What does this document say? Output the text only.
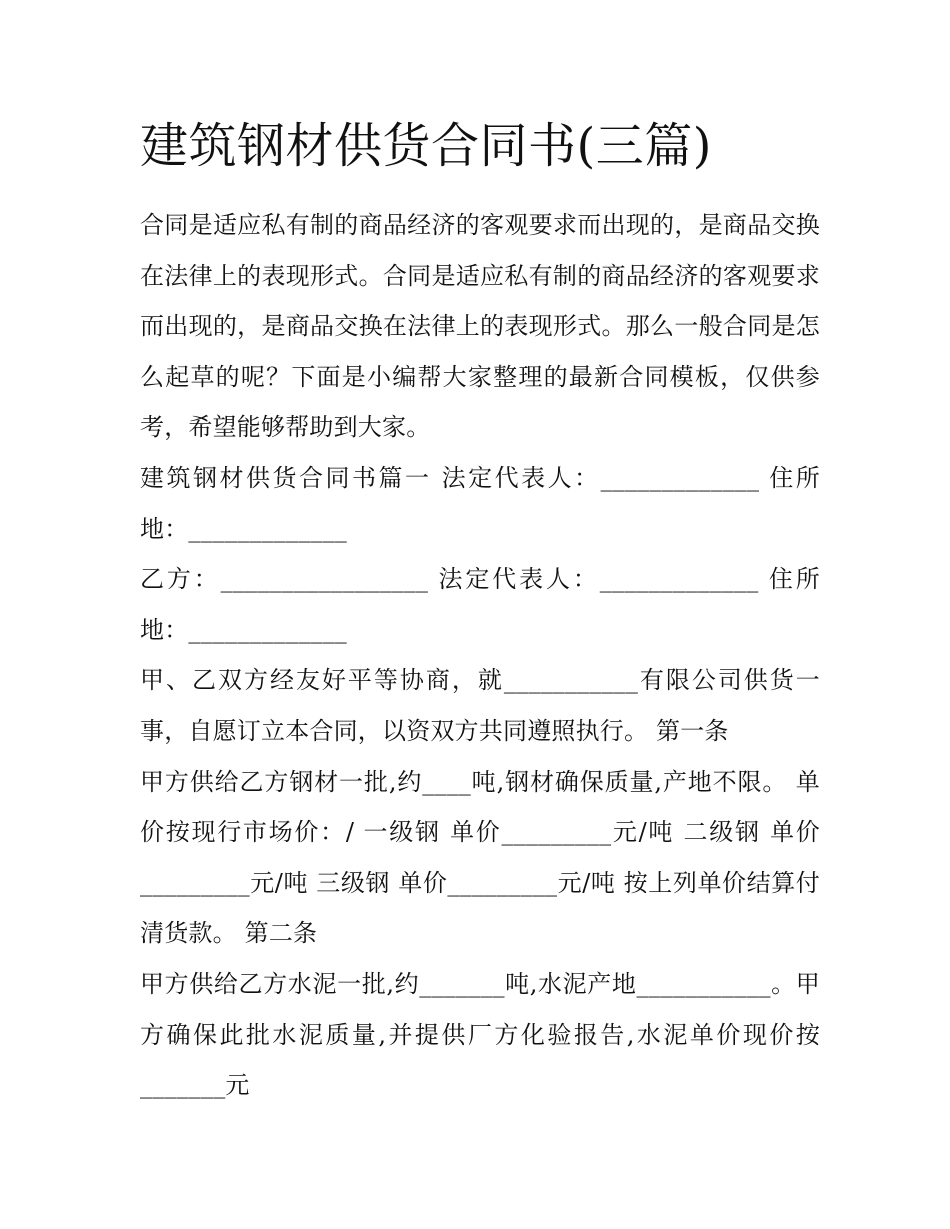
建筑钢材供货合同书(三篇)

合同是适应私有制的商品经济的客观要求而出现的，是商品交换在法律上的表现形式。合同是适应私有制的商品经济的客观要求而出现的，是商品交换在法律上的表现形式。那么一般合同是怎么起草的呢？下面是小编帮大家整理的最新合同模板，仅供参考，希望能够帮助到大家。

建筑钢材供货合同书篇一 法定代表人：_____________ 住所地：_____________

乙方：_________________ 法定代表人：_____________ 住所地：_____________

甲、乙双方经友好平等协商，就___________有限公司供货一事，自愿订立本合同，以资双方共同遵照执行。 第一条

甲方供给乙方钢材一批,约____吨,钢材确保质量,产地不限。 单价按现行市场价：/ 一级钢 单价_________元/吨 二级钢 单价_________元/吨 三级钢 单价_________元/吨 按上列单价结算付清货款。 第二条

甲方供给乙方水泥一批,约_______吨,水泥产地___________。甲方确保此批水泥质量,并提供厂方化验报告,水泥单价现价按_______元
